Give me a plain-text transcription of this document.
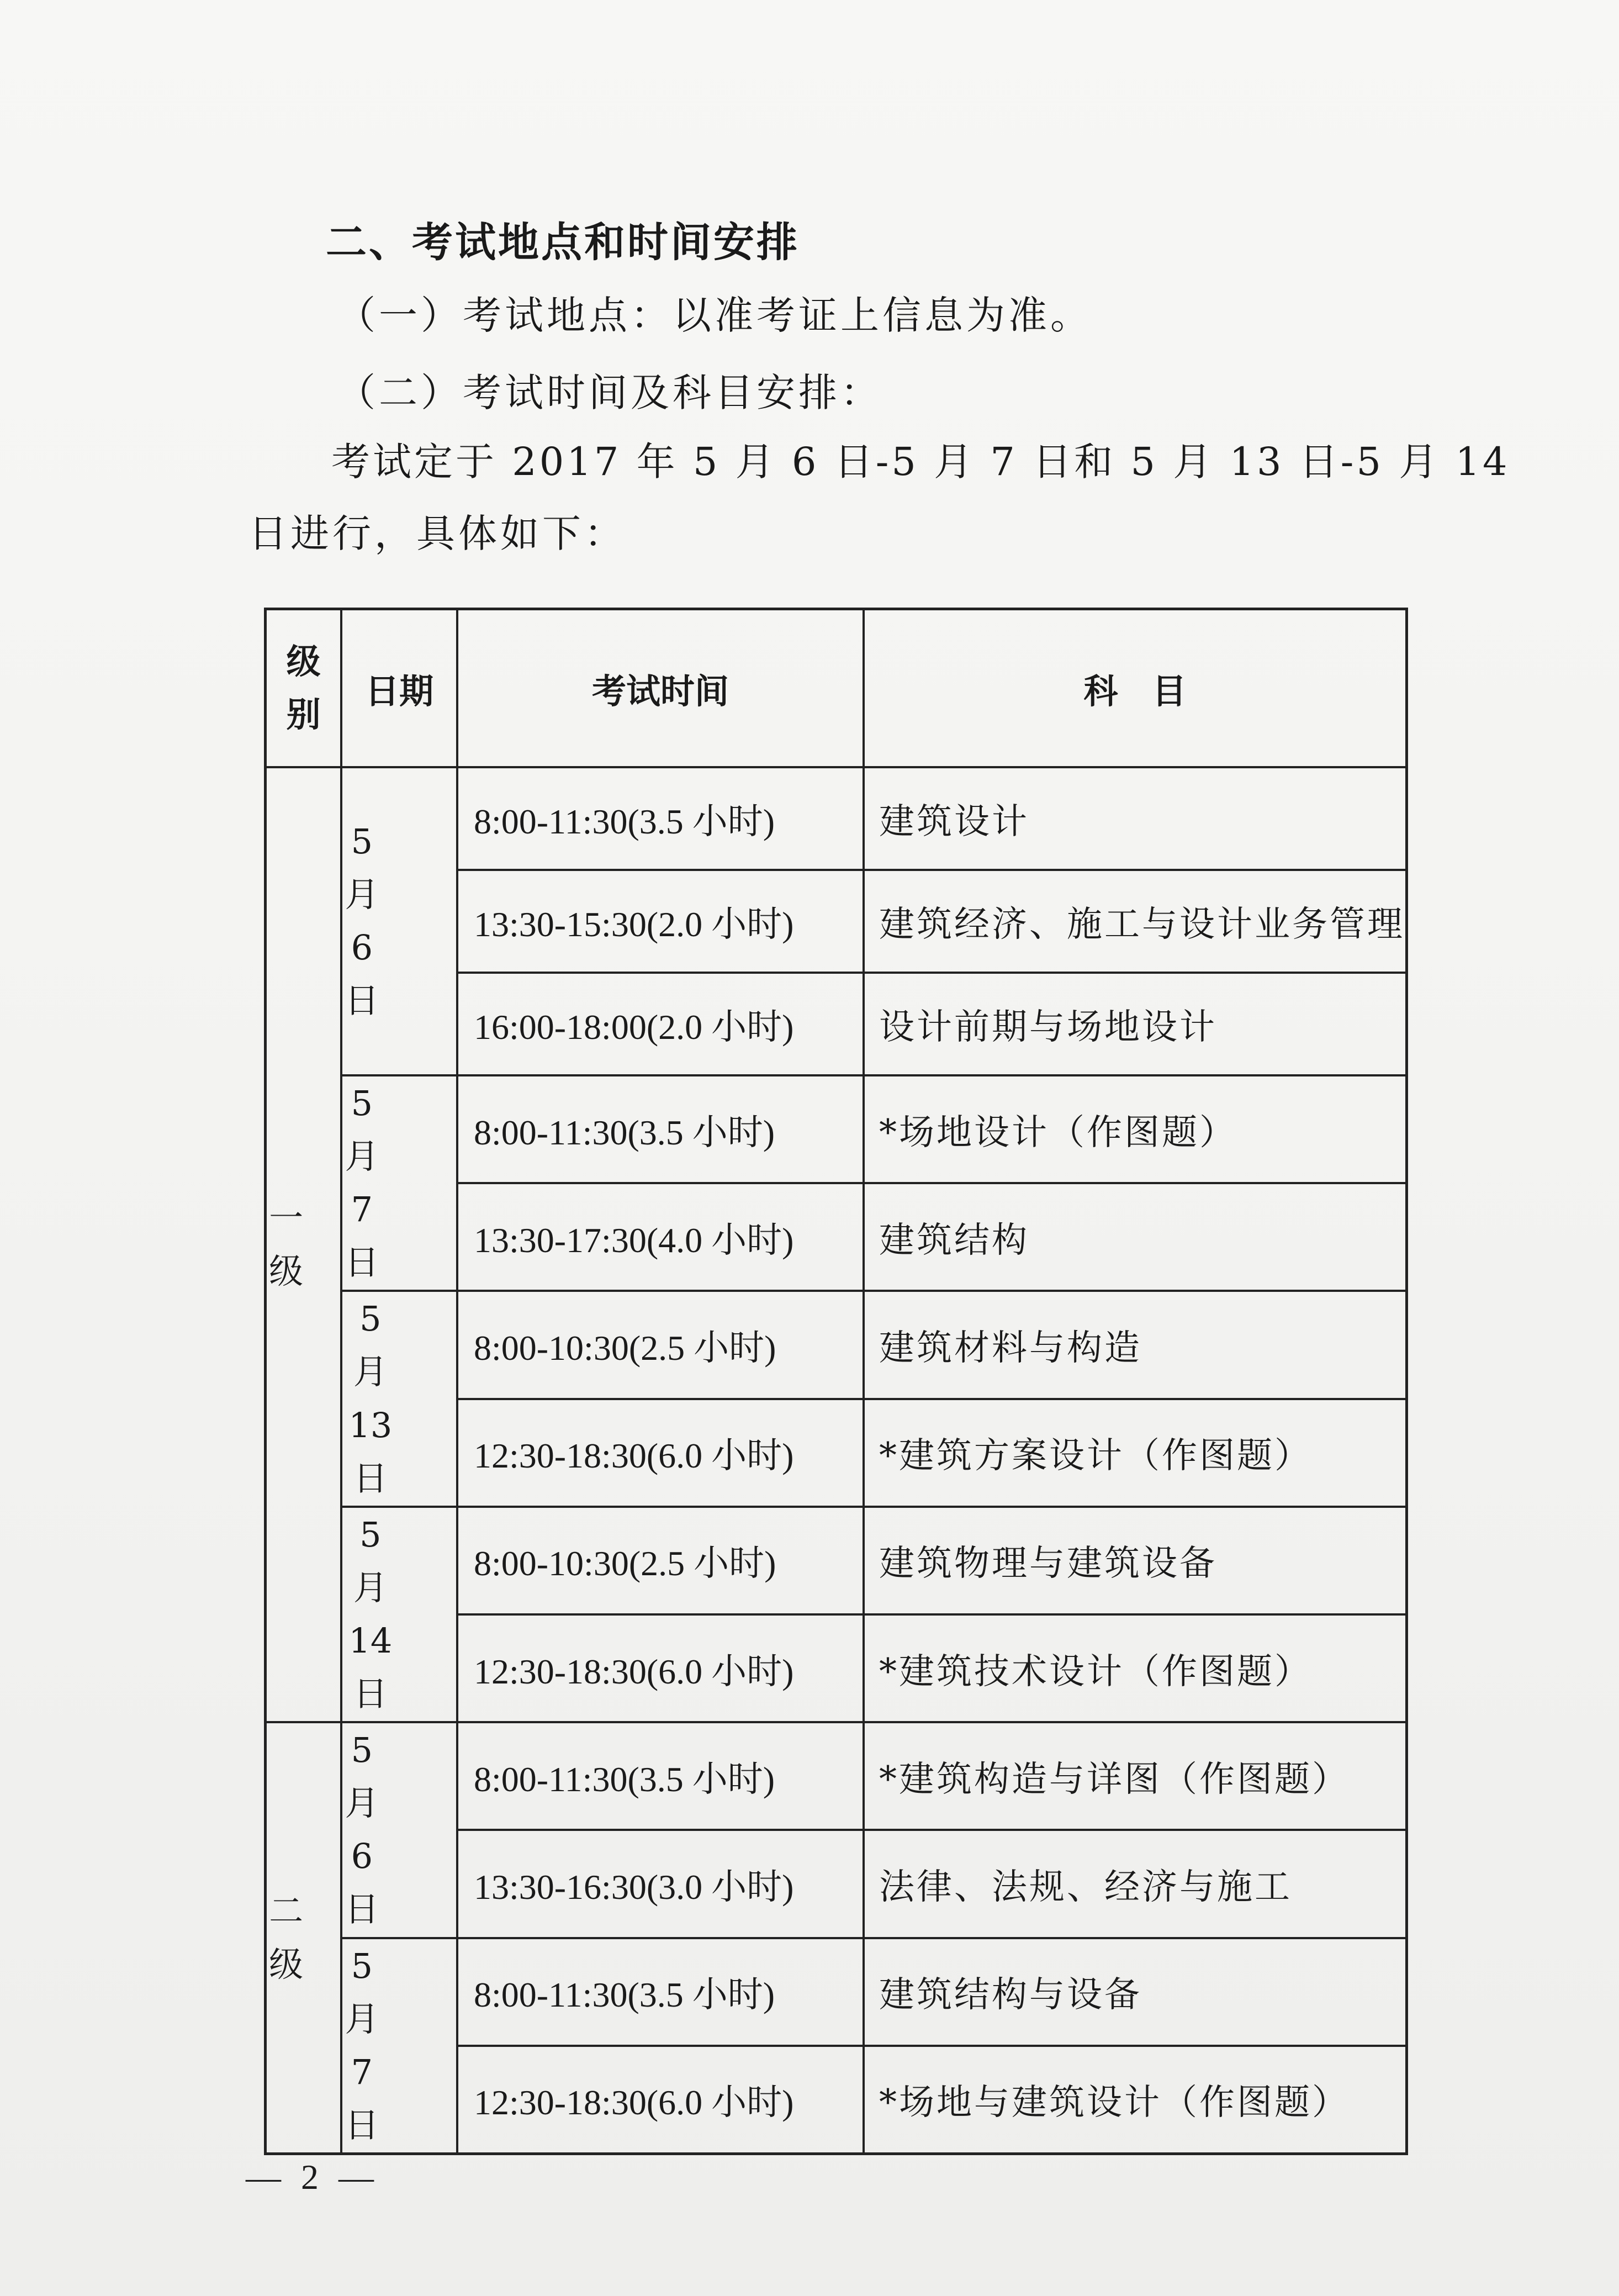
二、考试地点和时间安排
（一）考试地点：以准考证上信息为准。
（二）考试时间及科目安排：
考试定于 2017 年 5 月 6 日-5 月 7 日和 5 月 13 日-5 月 14
日进行，具体如下：
级别	日期	考试时间	科　目
一级	5月6日	8:00-11:30(3.5 小时)	建筑设计
		13:30-15:30(2.0 小时)	建筑经济、施工与设计业务管理
		16:00-18:00(2.0 小时)	设计前期与场地设计
	5月7日	8:00-11:30(3.5 小时)	*场地设计（作图题）
		13:30-17:30(4.0 小时)	建筑结构
	5月13日	8:00-10:30(2.5 小时)	建筑材料与构造
		12:30-18:30(6.0 小时)	*建筑方案设计（作图题）
	5月14日	8:00-10:30(2.5 小时)	建筑物理与建筑设备
		12:30-18:30(6.0 小时)	*建筑技术设计（作图题）
二级	5月6日	8:00-11:30(3.5 小时)	*建筑构造与详图（作图题）
		13:30-16:30(3.0 小时)	法律、法规、经济与施工
	5月7日	8:00-11:30(3.5 小时)	建筑结构与设备
		12:30-18:30(6.0 小时)	*场地与建筑设计（作图题）
— 2 —
